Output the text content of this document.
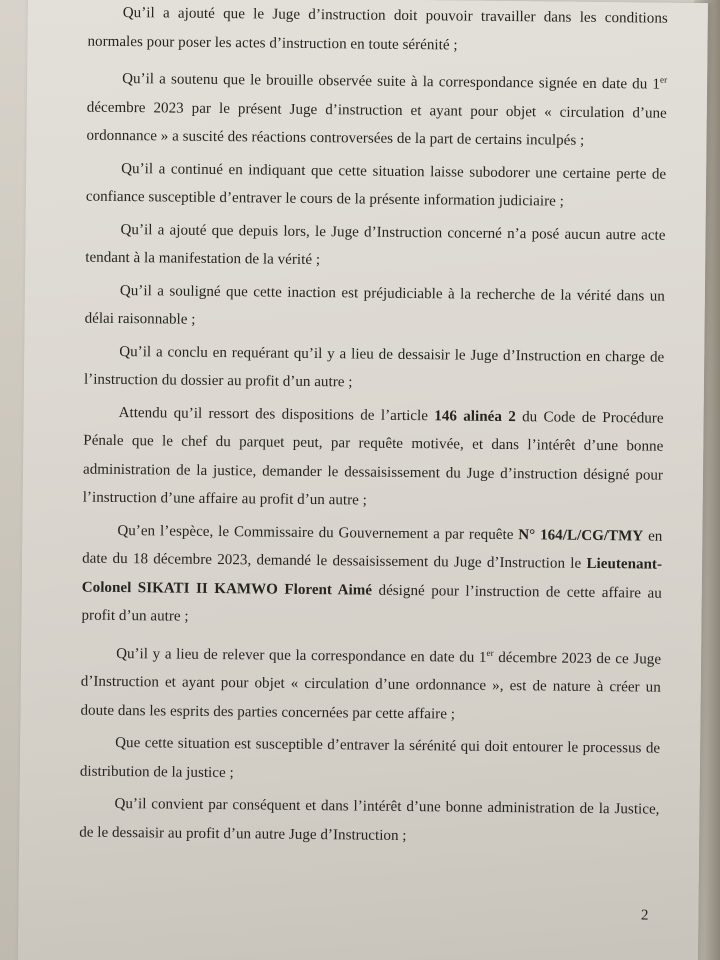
Qu’il a ajouté que le Juge d’instruction doit pouvoir travailler dans les conditions normales pour poser les actes d’instruction en toute sérénité ;

Qu’il a soutenu que le brouille observée suite à la correspondance signée en date du 1er décembre 2023 par le présent Juge d’instruction et ayant pour objet « circulation d’une ordonnance » a suscité des réactions controversées de la part de certains inculpés ;

Qu’il a continué en indiquant que cette situation laisse subodorer une certaine perte de confiance susceptible d’entraver le cours de la présente information judiciaire ;

Qu’il a ajouté que depuis lors, le Juge d’Instruction concerné n’a posé aucun autre acte tendant à la manifestation de la vérité ;

Qu’il a souligné que cette inaction est préjudiciable à la recherche de la vérité dans un délai raisonnable ;

Qu’il a conclu en requérant qu’il y a lieu de dessaisir le Juge d’Instruction en charge de l’instruction du dossier au profit d’un autre ;

Attendu qu’il ressort des dispositions de l’article 146 alinéa 2 du Code de Procédure Pénale que le chef du parquet peut, par requête motivée, et dans l’intérêt d’une bonne administration de la justice, demander le dessaisissement du Juge d’instruction désigné pour l’instruction d’une affaire au profit d’un autre ;

Qu’en l’espèce, le Commissaire du Gouvernement a par requête N° 164/L/CG/TMY en date du 18 décembre 2023, demandé le dessaisissement du Juge d’Instruction le Lieutenant-Colonel SIKATI II KAMWO Florent Aimé désigné pour l’instruction de cette affaire au profit d’un autre ;

Qu’il y a lieu de relever que la correspondance en date du 1er décembre 2023 de ce Juge d’Instruction et ayant pour objet « circulation d’une ordonnance », est de nature à créer un doute dans les esprits des parties concernées par cette affaire ;

Que cette situation est susceptible d’entraver la sérénité qui doit entourer le processus de distribution de la justice ;

Qu’il convient par conséquent et dans l’intérêt d’une bonne administration de la Justice, de le dessaisir au profit d’un autre Juge d’Instruction ;

2
